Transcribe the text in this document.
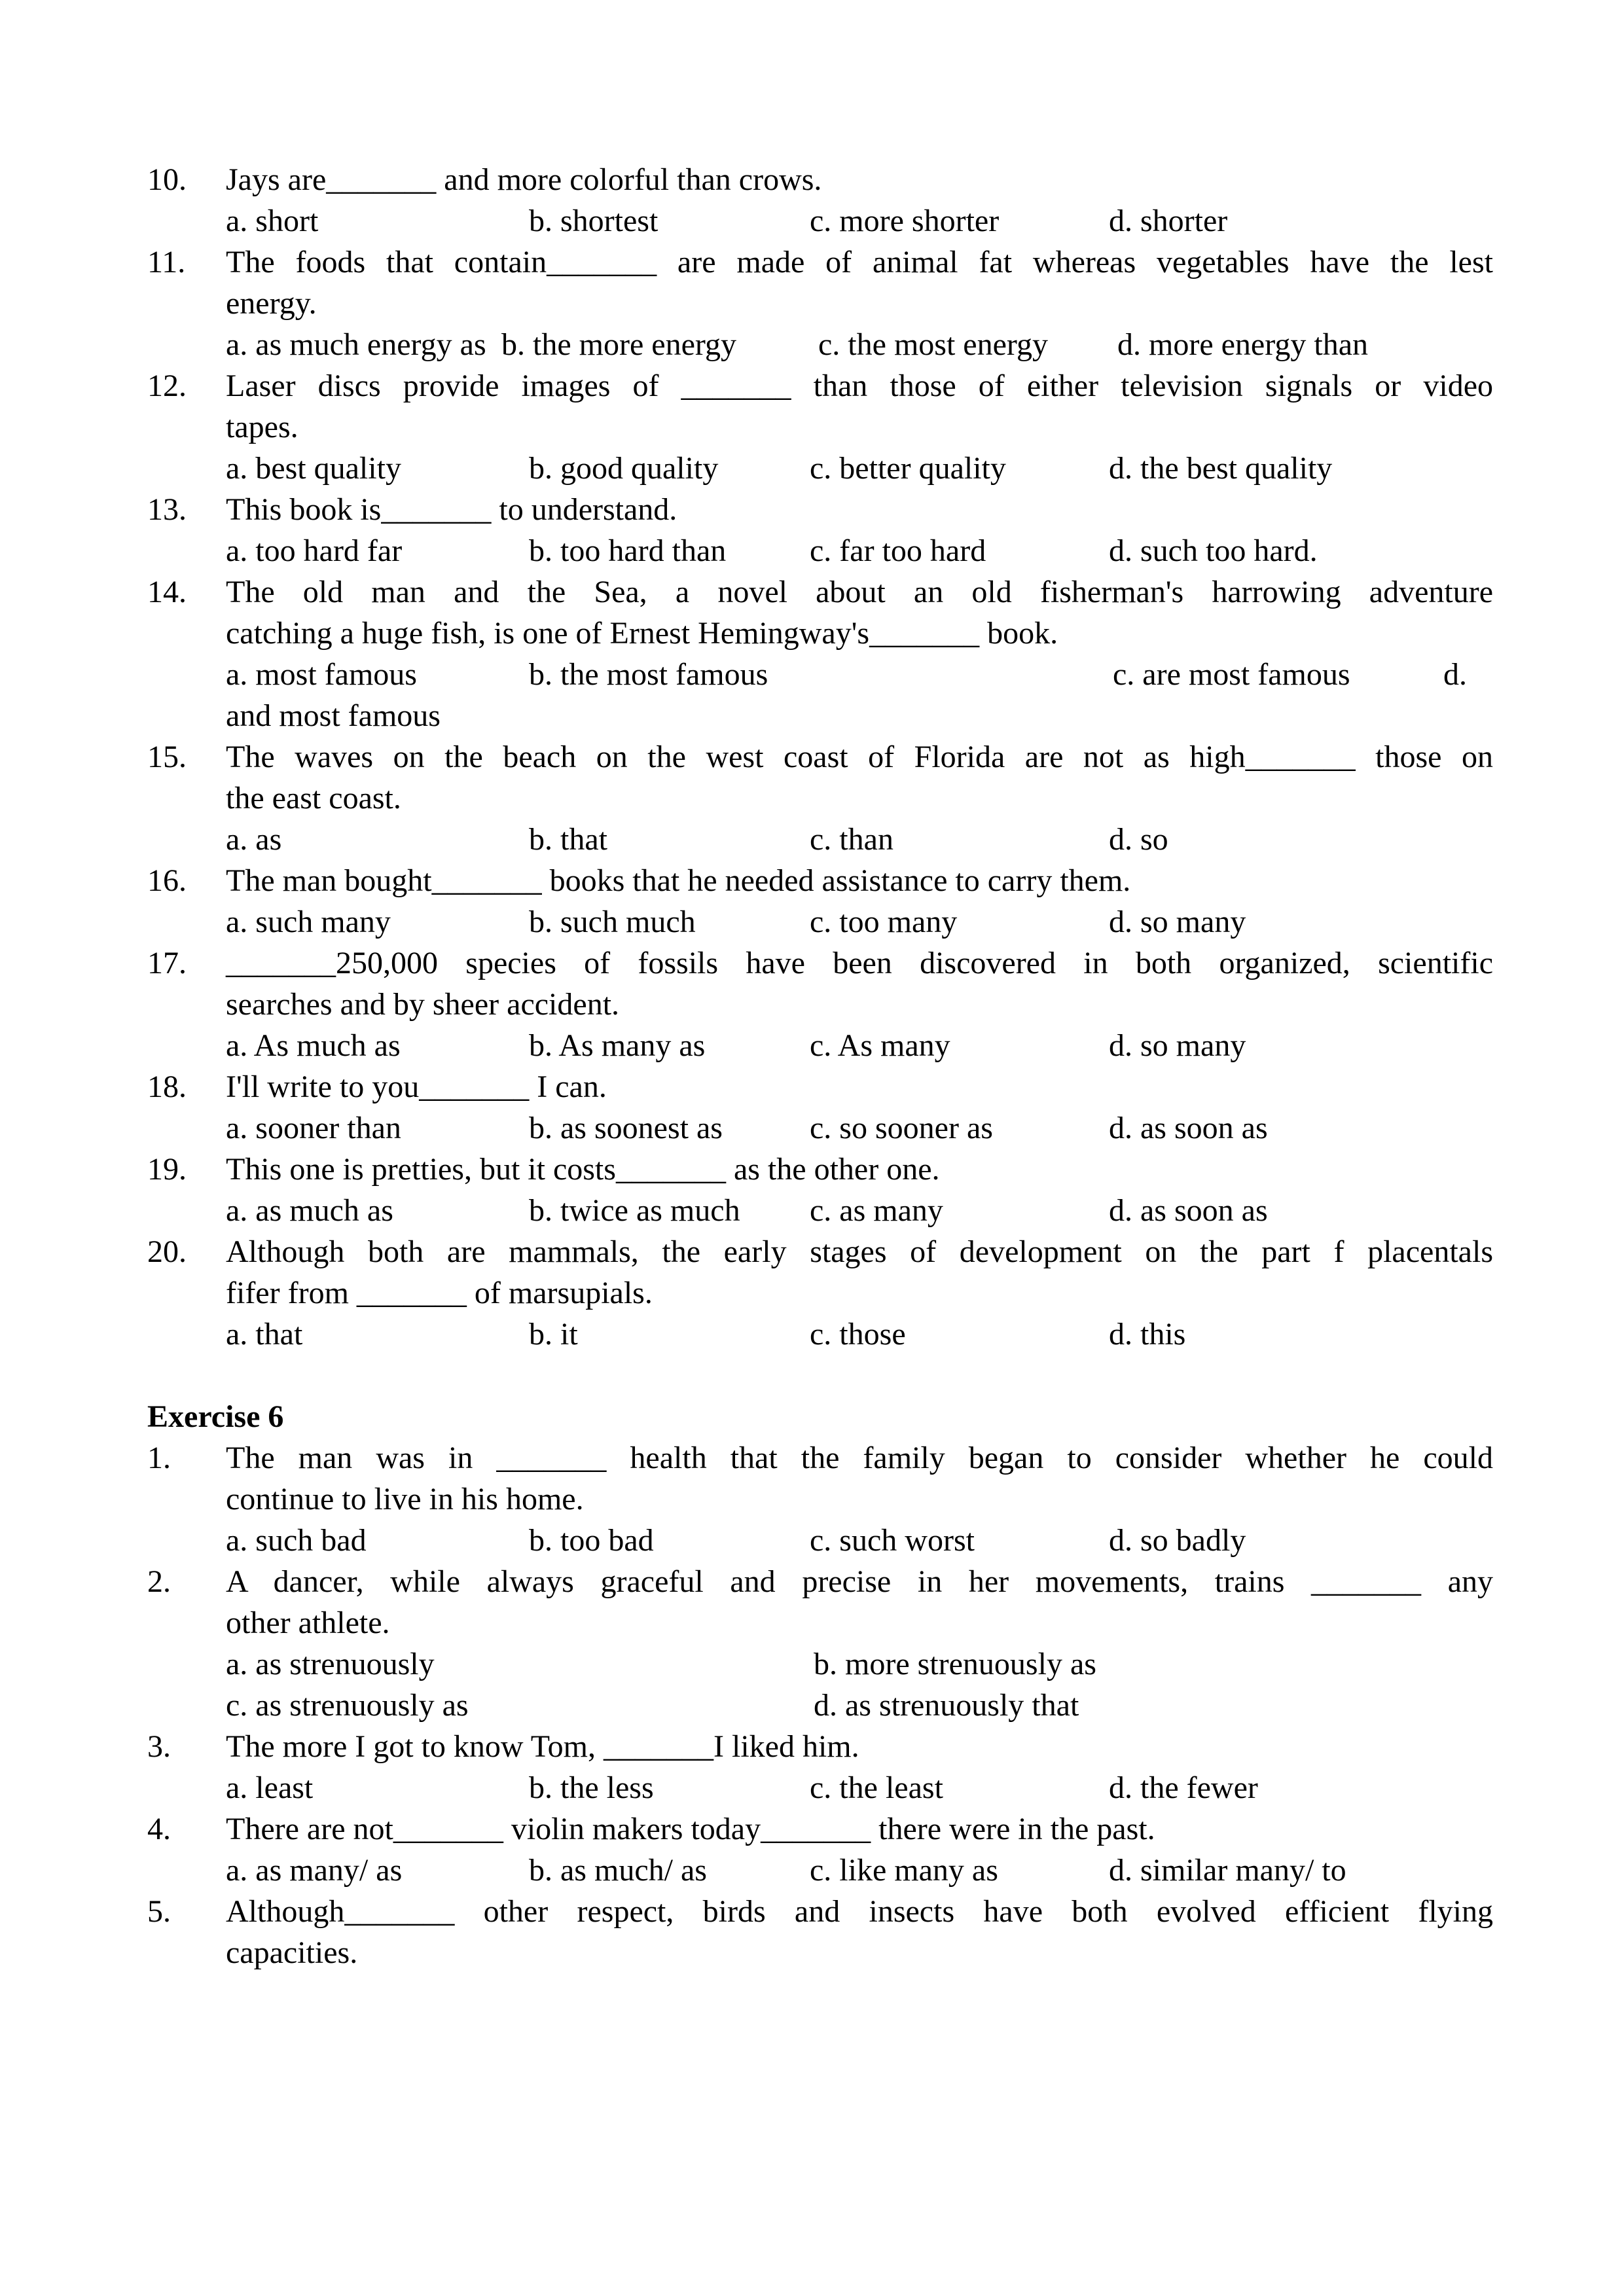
10.	Jays are_______ and more colorful than crows.
a. short	b. shortest	c. more shorter	d. shorter
11.	The foods that contain_______ are made of animal fat whereas vegetables have the lest
energy.
a. as much energy as b. the more energy	c. the most energy	d. more energy than
12.	Laser discs provide images of _______ than those of either television signals or video
tapes.
a. best quality	b. good quality	c. better quality	d. the best quality
13.	This book is_______ to understand.
a. too hard far	b. too hard than	c. far too hard	d. such too hard.
14.	The old man and the Sea, a novel about an old fisherman's harrowing adventure
catching a huge fish, is one of Ernest Hemingway's_______ book.
a. most famous	b. the most famous	c. are most famous	d.
and most famous
15.	The waves on the beach on the west coast of Florida are not as high_______ those on
the east coast.
a. as	b. that	c. than	d. so
16.	The man bought_______ books that he needed assistance to carry them.
a. such many	b. such much	c. too many	d. so many
17.	_______250,000 species of fossils have been discovered in both organized, scientific
searches and by sheer accident.
a. As much as	b. As many as	c. As many	d. so many
18.	I'll write to you_______ I can.
a. sooner than	b. as soonest as	c. so sooner as	d. as soon as
19.	This one is pretties, but it costs_______ as the other one.
a. as much as	b. twice as much	c. as many	d. as soon as
20.	Although both are mammals, the early stages of development on the part f placentals
fifer from _______ of marsupials.
a. that	b. it	c. those	d. this
Exercise 6
1.	The man was in _______ health that the family began to consider whether he could
continue to live in his home.
a. such bad	b. too bad	c. such worst	d. so badly
2.	A dancer, while always graceful and precise in her movements, trains _______ any
other athlete.
a. as strenuously	b. more strenuously as
c. as strenuously as	d. as strenuously that
3.	The more I got to know Tom, _______I liked him.
a. least	b. the less	c. the least	d. the fewer
4.	There are not_______ violin makers today_______ there were in the past.
a. as many/ as	b. as much/ as	c. like many as	d. similar many/ to
5.	Although_______ other respect, birds and insects have both evolved efficient flying
capacities.
